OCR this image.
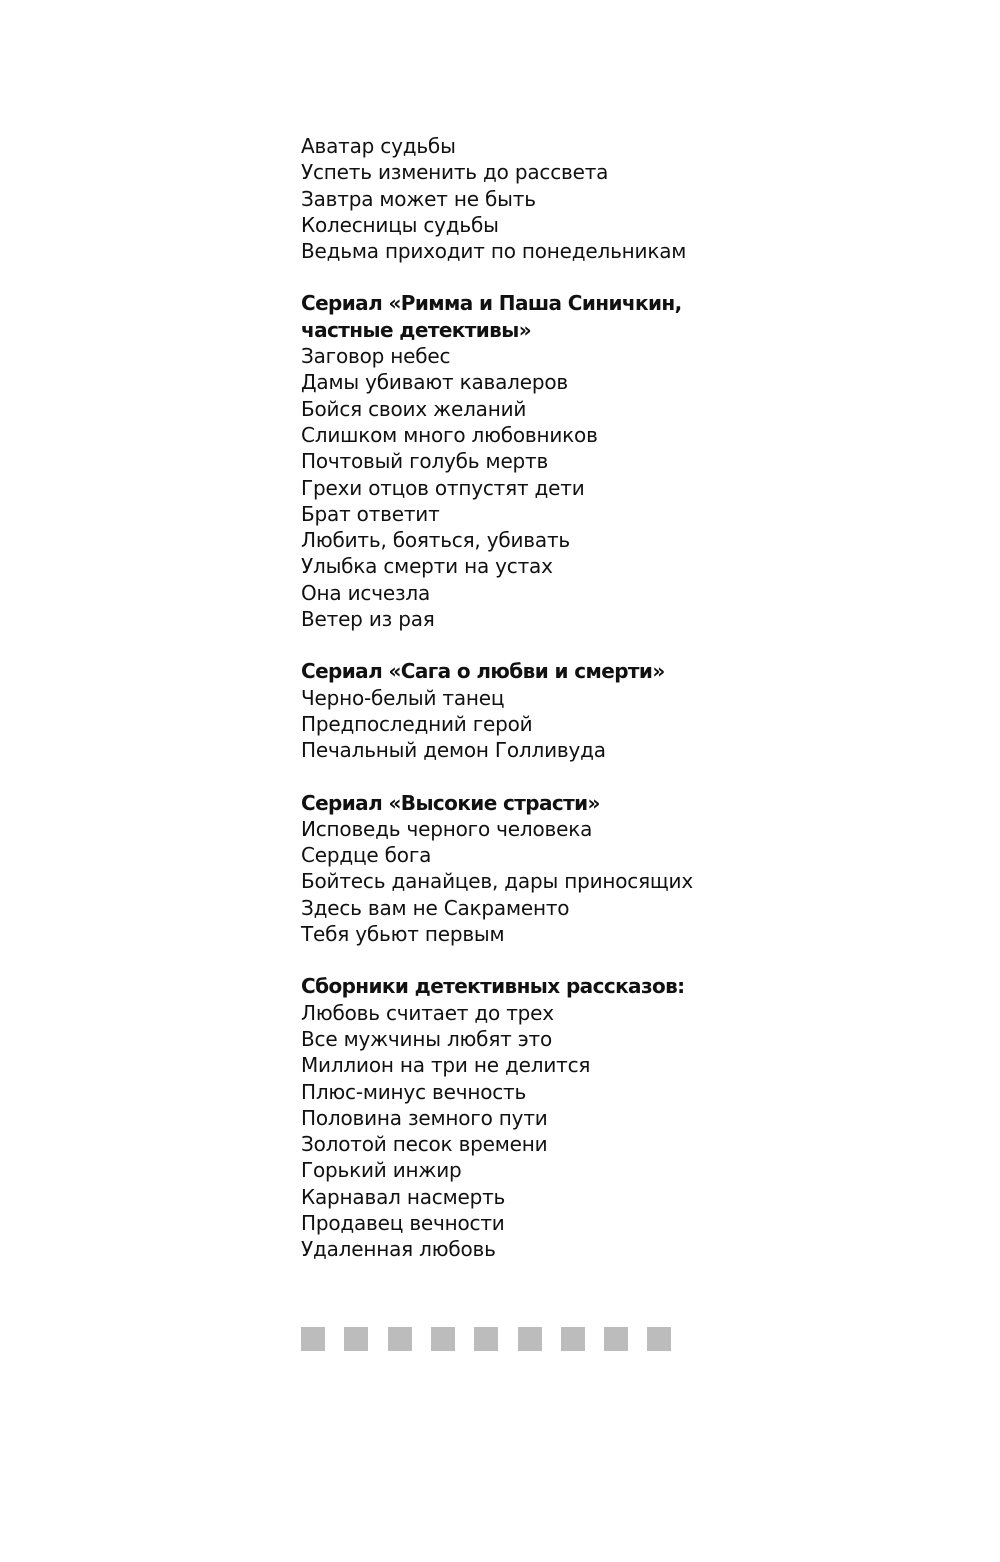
Аватар судьбы
Успеть изменить до рассвета
Завтра может не быть
Колесницы судьбы
Ведьма приходит по понедельникам
Сериал «Римма и Паша Синичкин,
частные детективы»
Заговор небес
Дамы убивают кавалеров
Бойся своих желаний
Слишком много любовников
Почтовый голубь мертв
Грехи отцов отпустят дети
Брат ответит
Любить, бояться, убивать
Улыбка смерти на устах
Она исчезла
Ветер из рая
Сериал «Сага о любви и смерти»
Черно-белый танец
Предпоследний герой
Печальный демон Голливуда
Сериал «Высокие страсти»
Исповедь черного человека
Сердце бога
Бойтесь данайцев, дары приносящих
Здесь вам не Сакраменто
Тебя убьют первым
Сборники детективных рассказов:
Любовь считает до трех
Все мужчины любят это
Миллион на три не делится
Плюс-минус вечность
Половина земного пути
Золотой песок времени
Горький инжир
Карнавал насмерть
Продавец вечности
Удаленная любовь
